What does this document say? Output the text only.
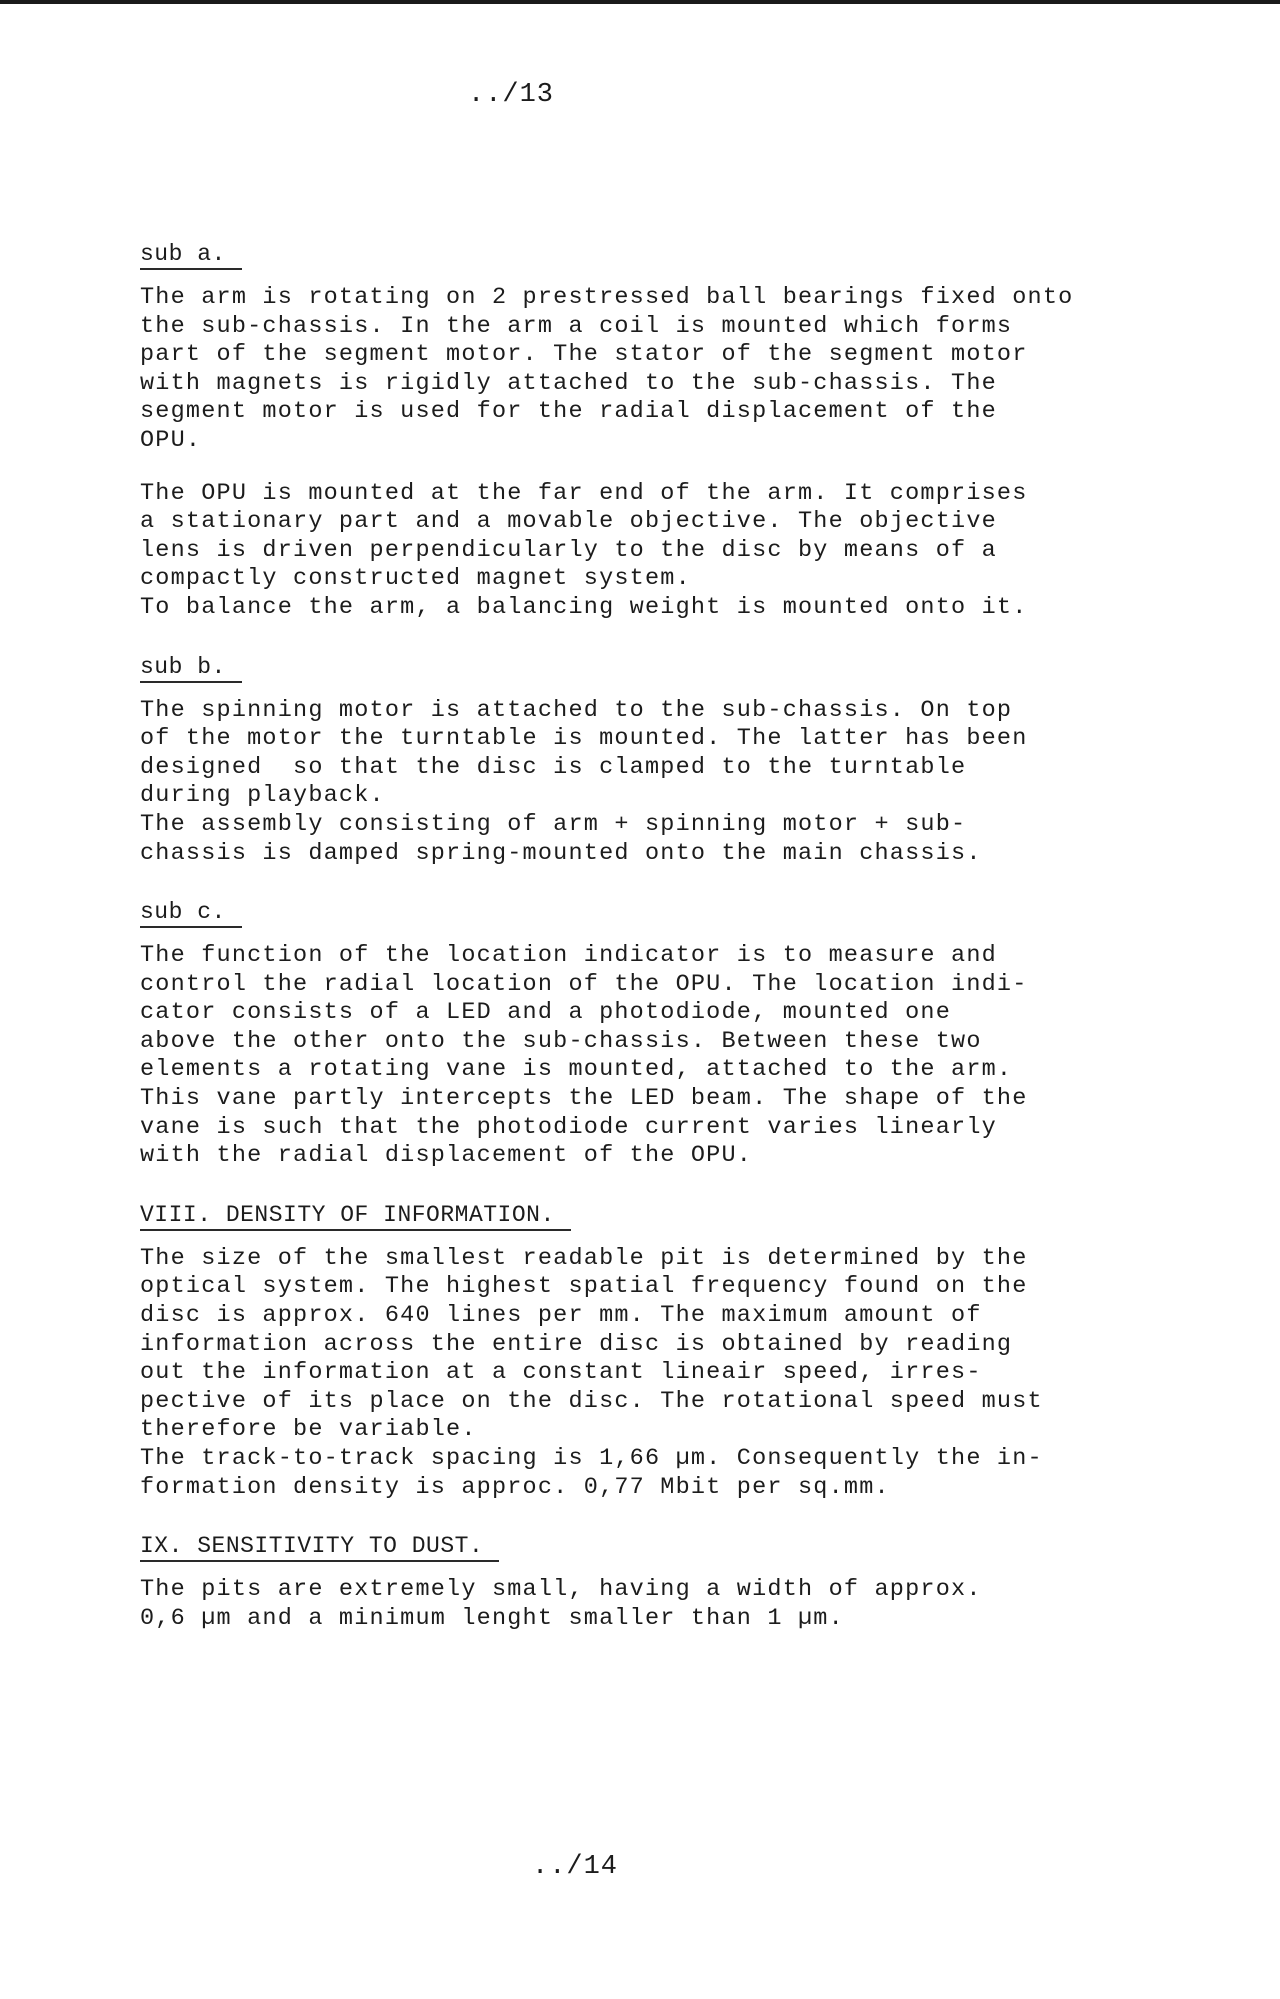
../13
sub a.

The arm is rotating on 2 prestressed ball bearings fixed onto
the sub-chassis. In the arm a coil is mounted which forms
part of the segment motor. The stator of the segment motor
with magnets is rigidly attached to the sub-chassis. The
segment motor is used for the radial displacement of the
OPU.

The OPU is mounted at the far end of the arm. It comprises
a stationary part and a movable objective. The objective
lens is driven perpendicularly to the disc by means of a
compactly constructed magnet system.
To balance the arm, a balancing weight is mounted onto it.

sub b.

The spinning motor is attached to the sub-chassis. On top
of the motor the turntable is mounted. The latter has been
designed  so that the disc is clamped to the turntable
during playback.
The assembly consisting of arm + spinning motor + sub-
chassis is damped spring-mounted onto the main chassis.

sub c.

The function of the location indicator is to measure and
control the radial location of the OPU. The location indi-
cator consists of a LED and a photodiode, mounted one
above the other onto the sub-chassis. Between these two
elements a rotating vane is mounted, attached to the arm.
This vane partly intercepts the LED beam. The shape of the
vane is such that the photodiode current varies linearly
with the radial displacement of the OPU.

VIII. DENSITY OF INFORMATION.

The size of the smallest readable pit is determined by the
optical system. The highest spatial frequency found on the
disc is approx. 640 lines per mm. The maximum amount of
information across the entire disc is obtained by reading
out the information at a constant lineair speed, irres-
pective of its place on the disc. The rotational speed must
therefore be variable.
The track-to-track spacing is 1,66 µm. Consequently the in-
formation density is approc. 0,77 Mbit per sq.mm.

IX. SENSITIVITY TO DUST.

The pits are extremely small, having a width of approx.
0,6 µm and a minimum lenght smaller than 1 µm.

../14
